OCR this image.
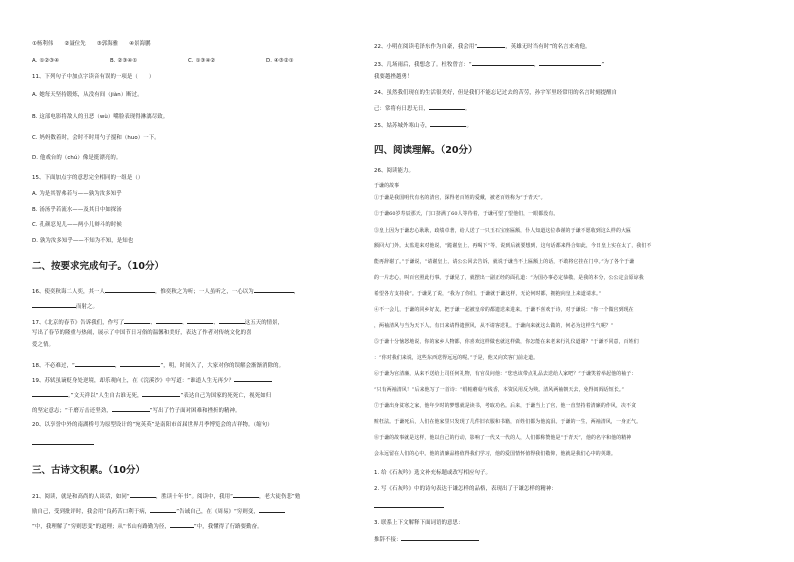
①杨利伟　　②聂位先　　③郭海雅　　④景海鹏
A. ①②③④	B. ②③④①	C. ①③④②	D. ④③②①
11、下列句子中加点字读音有误的一项是（　　）
A. 她每天坚持锻炼，从没有间（jiàn）断过。
B. 这部电影将敌人的丑恶（wù）嘴脸表现得淋漓尽致。
C. 妈妈数着时，会时不时用勺子搅和（huo）一下。
D. 他戏台的（chú）像是挺漂亮的。
15、下面加点字的意思完全相同的一组是（）
A. 为是其智弗若与——孰为汝多知乎
B. 汤汤乎若流水——及其日中如探汤
C. 孔颜忍见儿——两小儿辩斗的时候
D. 孰为汝多知乎——不知为不知，是知也
二、按要求完成句子。（10分）
16、使奕秋诲二人奕，其一人	，惟奕秋之为听；一人虽听之，一心以为	，
而射之。
17、《北京的春节》告诉我们，作写了	、	、	、	这五天的情景，
写出了春节的隆重与热闹，展示了中国节日习俗的温馨和美好，表达了作者对传统文化的喜
爱之情。
18、不必难过，“	，	”，明，时间久了，大家对你的误解会渐渐消除的。
19、苏轼虽谪贬身处逆境，却乐观向上，在《浣溪沙》中写道：“谁道人生无再少？
。”文天祥以“人生自古谁无死，	”表达自己为国家的死死亡，视死如归
的坚定意志；“千磨万击还坚劲，	”写出了竹子面对困难和挫折的精神。
20、以享誉中外的南湖桥号为原型设计的“宛英英”是南阳市首届世界月季博览会的吉祥物。（缩句）
三、古诗文积累。（10分）
21、阅读，就是和高尚的人谈话，如同“	，胜读十年书”。阅读中，我用“	，老大徒伤悲”勉
励自己，受到批评时，我会用“良药苦口利于病，	”告诫自己，在《周易》“穷则变，
”中，我理解了“穷则思变”的道理；从“书山有路勤为径，	”中，我懂得了行路要勤奋。
22、小明在阅读毛泽东作为自豪，我会用“	，英雄无时当有时”的名言来劝他。
23、几场雨后，我想念了。杜牧曾言：“	，	”
我要越挫越勇！
24、虽然我们现在的生活很美好，但是我们不能忘记过去的苦劳，孙宇军里经常用的名言时刻提醒自
己：常将有日思无日，	。
25、姑苏城外寒山寺，	。
四、阅读理解。（20分）
26、阅读能力。
于谦的故事
①于谦是我国明代有名的清官，深得老百姓的爱戴，被老百姓称为“于青天”。
②于谦60岁寿辰那天，门口挤满了60人等待着，于谦可望了望他们，一眼都没有。
③皇上因为于谦忠心耿耿，政绩卓著，给人送了一只玉石宝座匾额，仆人知道这位恭谨的于谦不愿收到这么样的大匾
额回大门外。太监进来对他说，“跪谢皇上，再喝下”等，说到后就要想到，这句话都来得合如此，今日皇上实在太了，我们不
能再辞谢了。”于谦说，“请谢皇上，请公公回去告诉，就说于谦当不上匾额上的话，不敢将它挂在门中。”为了各个于谦
的一片忠心，叫百官照此行事。于谦见了，就摆出一副正经的面孔道：“为国办事必定恭敬，是我的本分，公公定会原谅我
希望各方支持我”。于谦见了说，“我为了你们，于谦就于谦这样，无论何时都，拥抱向皇上来道请求。”
④不一会儿，于谦的同乡好友。把于谦一起被皇帝的都遗送来进来。于谦不喜欢于诗，对于谦说：“你一个做官到现在
，两袖清风与当为天下人。有日来请得遗照风，从不请客送礼，于谦向来就这么做的，何必为这样生气呢？”
⑤于谦十分恼怒地说，你的家乡人物都，你喜欢这样做也就这样做，你怎能在来老来行礼仪道谢？”于谦不同意，百姓们
：“你对我们来说，这些东西送得远远的呢。”于是，他又向宾客门前走道。
⑥于谦为官清廉，从来不送给上司任何礼物，有官员问他：“您也该带点礼品去送给人家吧？”于谦笑着举起他的袖子：
“只有两袖清风！”后来他写了一首诗：“绢帕蘑菇与线香，本资民用反为殃。清风两袖朝天去，免得闾阎话短长。”
⑦于谦出身贫寒之家，他年少时的梦想就是读书，考取功名。后来，于谦当上了官，他一直坚持着清廉的作风，决不贪
赃枉法。于谦死后，人们在他家里只发现了几件旧衣服和书籍，百姓们都为他流泪。于谦的一生，两袖清风，一身正气。
⑧于谦的故事就是这样，他以自己的行动，影响了一代又一代的人，人们都称赞他是“于青天”，他的名字和他的精神
会永远留在人们的心中。他的清廉品格值得我们学习，他的爱国情怀值得我们敬仰，他就是我们心中的英雄。
1. 给《石灰吟》选文补充标题或改写相应句子。
2. 写《石灰吟》中的诗句表达于谦怎样的品格，表现出了于谦怎样的精神：
3. 联系上下文解释下面词语的意思：
推辞不接：
